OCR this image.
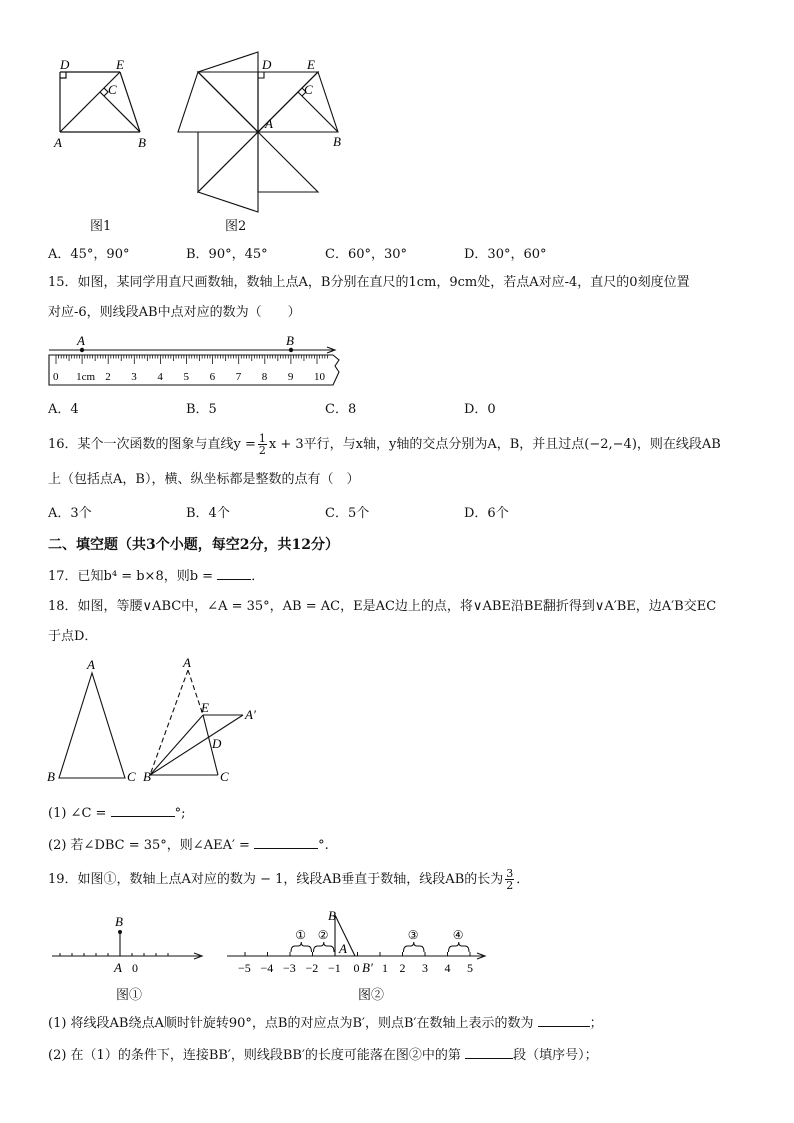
D	E
C
A	B
D	E
C
A
B
图1	图2
A．45°，90°	B．90°，45°	C．60°，30°	D．30°，60°
15．如图，某同学用直尺画数轴，数轴上点A，B分别在直尺的1cm，9cm处，若点A对应-4，直尺的0刻度位置
对应-6，则线段AB中点对应的数为（　　）
A	B
0 1cm 2 3 4 5 6 7 8 9 10
A．4	B．5	C．8	D．0
16．某个一次函数的图象与直线$y = \frac{1}{2}$ x + 3平行，与x轴，y轴的交点分别为A，B，并且过点(−2,−4)，则在线段AB
上（包括点A，B），横、纵坐标都是整数的点有（　）
A．3个	B．4个	C．5个	D．6个
二、填空题（共3个小题，每空2分，共12分）
17．已知b⁴ = b×8，则b =	．
18．如图，等腰∨ABC中，∠A = 35°，AB = AC，E是AC边上的点，将∨ABE沿BE翻折得到∨A′BE，边A′B交EC
于点D．
A
B	C
A
E	A′
D
B	C
(1) ∠C =	°;
(2) 若∠DBC = 35°，则∠AEA′ =	°.
19．如图①，数轴上点A对应的数为 − 1，线段AB垂直于数轴，线段AB的长为 $\frac{3}{2}$ ．
B
A 0
图①
B
A
B′
−5 −4 −3 −2 −1 0 1 2 3 4 5
① ②	③	④
图②
(1) 将线段AB绕点A顺时针旋转90°，点B的对应点为B′，则点B′在数轴上表示的数为	；
(2) 在（1）的条件下，连接BB′，则线段BB′的长度可能落在图②中的第	段（填序号）；
